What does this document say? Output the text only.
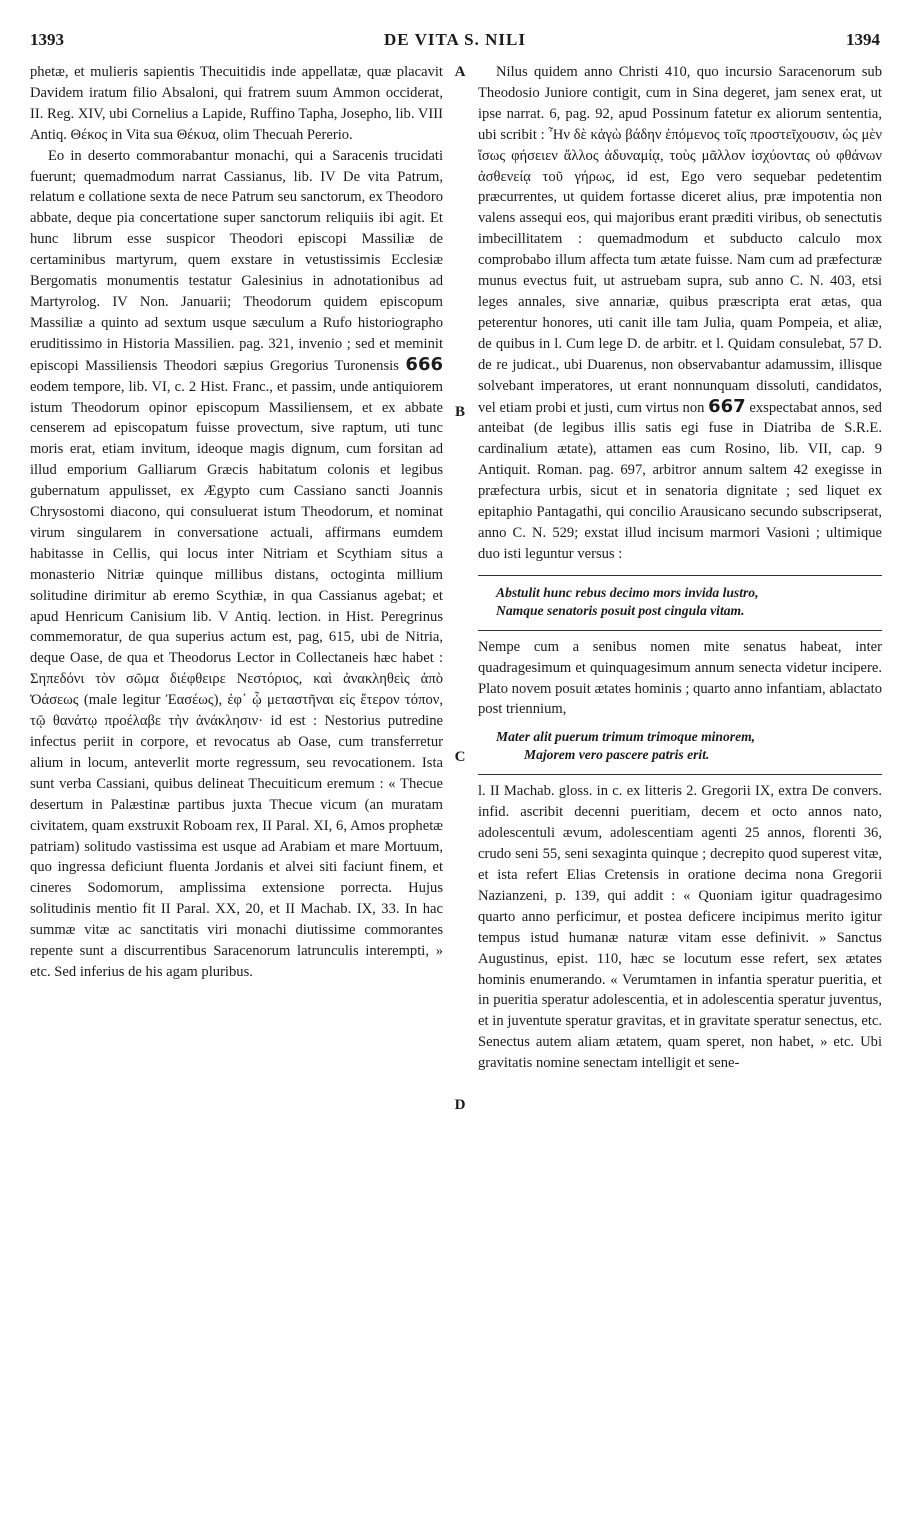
1393	DE VITA S. NILI	1394
A
B
C
D

phetæ, et mulieris sapientis Thecuitidis inde appellatæ, quæ placavit Davidem iratum filio Absaloni, qui fratrem suum Ammon occiderat, II. Reg. XIV, ubi Cornelius a Lapide, Ruffino Tapha, Josepho, lib. VIII Antiq. Θέκος in Vita sua Θέκυα, olim Thecuah Pererio.

Eo in deserto commorabantur monachi, qui a Saracenis trucidati fuerunt; quemadmodum narrat Cassianus, lib. IV De vita Patrum, relatum e collatione sexta de nece Patrum seu sanctorum, ex Theodoro abbate, deque pia concertatione super sanctorum reliquiis ibi agit. Et hunc librum esse suspicor Theodori episcopi Massiliæ de certaminibus martyrum, quem exstare in vetustissimis Ecclesiæ Bergomatis monumentis testatur Galesinius in adnotationibus ad Martyrolog. IV Non. Januarii; Theodorum quidem episcopum Massiliæ a quinto ad sextum usque sæculum a Rufo historiographo eruditissimo in Historia Massilien. pag. 321, invenio ; sed et meminit episcopi Massiliensis Theodori sæpius Gregorius Turonensis 666 eodem tempore, lib. VI, c. 2 Hist. Franc., et passim, unde antiquiorem istum Theodorum opinor episcopum Massiliensem, et ex abbate censerem ad episcopatum fuisse provectum, sive raptum, uti tunc moris erat, etiam invitum, ideoque magis dignum, cum forsitan ad illud emporium Galliarum Græcis habitatum colonis et legibus gubernatum appulisset, ex Ægypto cum Cassiano sancti Joannis Chrysostomi diacono, qui consuluerat istum Theodorum, et nominat virum singularem in conversatione actuali, affirmans eumdem habitasse in Cellis, qui locus inter Nitriam et Scythiam situs a monasterio Nitriæ quinque millibus distans, octoginta millium solitudine dirimitur ab eremo Scythiæ, in qua Cassianus agebat; et apud Henricum Canisium lib. V Antiq. lection. in Hist. Peregrinus commemoratur, de qua superius actum est, pag, 615, ubi de Nitria, deque Oase, de qua et Theodorus Lector in Collectaneis hæc habet : Σηπεδόνι τὸν σῶμα διέφθειρε Νεστόριος, καὶ ἀνακληθεὶς ἀπὸ Ὀάσεως (male legitur Ἐασέως), ἐφ᾽ ᾧ μεταστῆναι εἰς ἕτερον τόπον, τῷ θανάτῳ προέλαβε τὴν ἀνάκλησιν· id est : Nestorius putredine infectus periit in corpore, et revocatus ab Oase, cum transferretur alium in locum, anteverlit morte regressum, seu revocationem. Ista sunt verba Cassiani, quibus delineat Thecuiticum eremum : « Thecue desertum in Palæstinæ partibus juxta Thecue vicum (an muratam civitatem, quam exstruxit Roboam rex, II Paral. XI, 6, Amos prophetæ patriam) solitudo vastissima est usque ad Arabiam et mare Mortuum, quo ingressa deficiunt fluenta Jordanis et alvei siti faciunt finem, et cineres Sodomorum, amplissima extensione porrecta. Hujus solitudinis mentio fit II Paral. XX, 20, et II Machab. IX, 33. In hac summæ vitæ ac sanctitatis viri monachi diutissime commorantes repente sunt a discurrentibus Saracenorum latrunculis interempti, » etc. Sed inferius de his agam pluribus.

Nilus quidem anno Christi 410, quo incursio Saracenorum sub Theodosio Juniore contigit, cum in Sina degeret, jam senex erat, ut ipse narrat. 6, pag. 92, apud Possinum fatetur ex aliorum sententia, ubi scribit : Ἦν δὲ κἀγὼ βάδην ἑπόμενος τοῖς προστεῖχουσιν, ὡς μὲν ἴσως φήσειεν ἄλλος ἀδυναμίᾳ, τοὺς μᾶλλον ἰσχύοντας οὐ φθάνων ἀσθενείᾳ τοῦ γήρως, id est, Ego vero sequebar pedetentim præcurrentes, ut quidem fortasse diceret alius, præ impotentia non valens assequi eos, qui majoribus erant præditi viribus, ob senectutis imbecillitatem : quemadmodum et subducto calculo mox comprobabo illum affecta tum ætate fuisse. Nam cum ad præfecturæ munus evectus fuit, ut astruebam supra, sub anno C. N. 403, etsi leges annales, sive annariæ, quibus præscripta erat ætas, qua peterentur honores, uti canit ille tam Julia, quam Pompeia, et aliæ, de quibus in l. Cum lege D. de arbitr. et l. Quidam consulebat, 57 D. de re judicat., ubi Duarenus, non observabantur adamussim, illisque solvebant imperatores, ut erant nonnunquam dissoluti, candidatos, vel etiam probi et justi, cum virtus non 667 exspectabat annos, sed anteibat (de legibus illis satis egi fuse in Diatriba de S.R.E. cardinalium ætate), attamen eas cum Rosino, lib. VII, cap. 9 Antiquit. Roman. pag. 697, arbitror annum saltem 42 exegisse in præfectura urbis, sicut et in senatoria dignitate ; sed liquet ex epitaphio Pantagathi, qui concilio Arausicano secundo subscripserat, anno C. N. 529; exstat illud incisum marmori Vasioni ; ultimique duo isti leguntur versus :

Abstulit hunc rebus decimo mors invida lustro,
Namque senatoris posuit post cingula vitam.

Nempe cum a senibus nomen mite senatus habeat, inter quadragesimum et quinquagesimum annum senecta videtur incipere. Plato novem posuit ætates hominis ; quarto anno infantiam, ablactato post triennium,

Mater alit puerum trimum trimoque minorem,
Majorem vero pascere patris erit.

l. II Machab. gloss. in c. ex litteris 2. Gregorii IX, extra De convers. infid. ascribit decenni pueritiam, decem et octo annos nato, adolescentuli ævum, adolescentiam agenti 25 annos, florenti 36, crudo seni 55, seni sexaginta quinque ; decrepito quod superest vitæ, et ista refert Elias Cretensis in oratione decima nona Gregorii Nazianzeni, p. 139, qui addit : « Quoniam igitur quadragesimo quarto anno perficimur, et postea deficere incipimus merito igitur tempus istud humanæ naturæ vitam esse definivit. » Sanctus Augustinus, epist. 110, hæc se locutum esse refert, sex ætates hominis enumerando. « Verumtamen in infantia speratur pueritia, et in pueritia speratur adolescentia, et in adolescentia speratur juventus, et in juventute speratur gravitas, et in gravitate speratur senectus, etc. Senectus autem aliam ætatem, quam speret, non habet, » etc. Ubi gravitatis nomine senectam intelligit et sene-
